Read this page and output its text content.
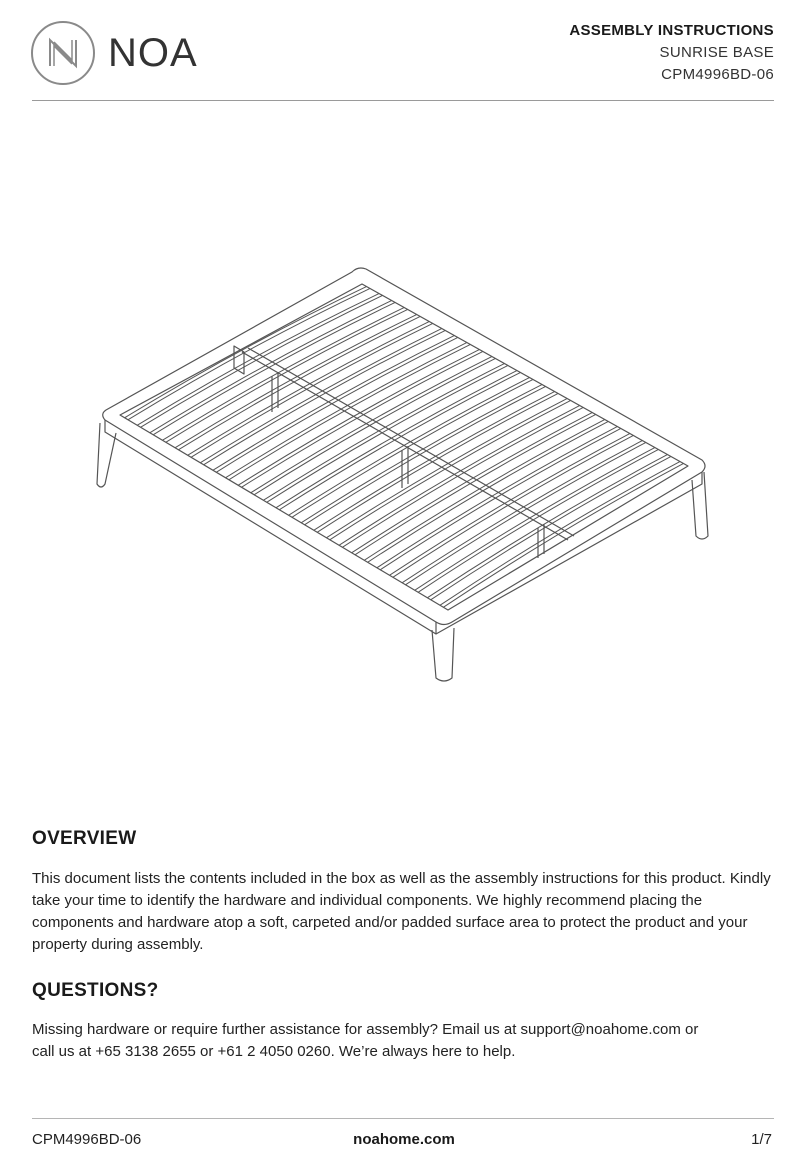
NOA	ASSEMBLY INSTRUCTIONS
SUNRISE BASE
CPM4996BD-06
OVERVIEW

This document lists the contents included in the box as well as the assembly instructions for this product. Kindly take your time to identify the hardware and individual components. We highly recommend placing the components and hardware atop a soft, carpeted and/or padded surface area to protect the product and your property during assembly.

QUESTIONS?

Missing hardware or require further assistance for assembly? Email us at support@noahome.com or

call us at +65 3138 2655 or +61 2 4050 0260. We’re always here to help.

CPM4996BD-06	noahome.com	1/7
